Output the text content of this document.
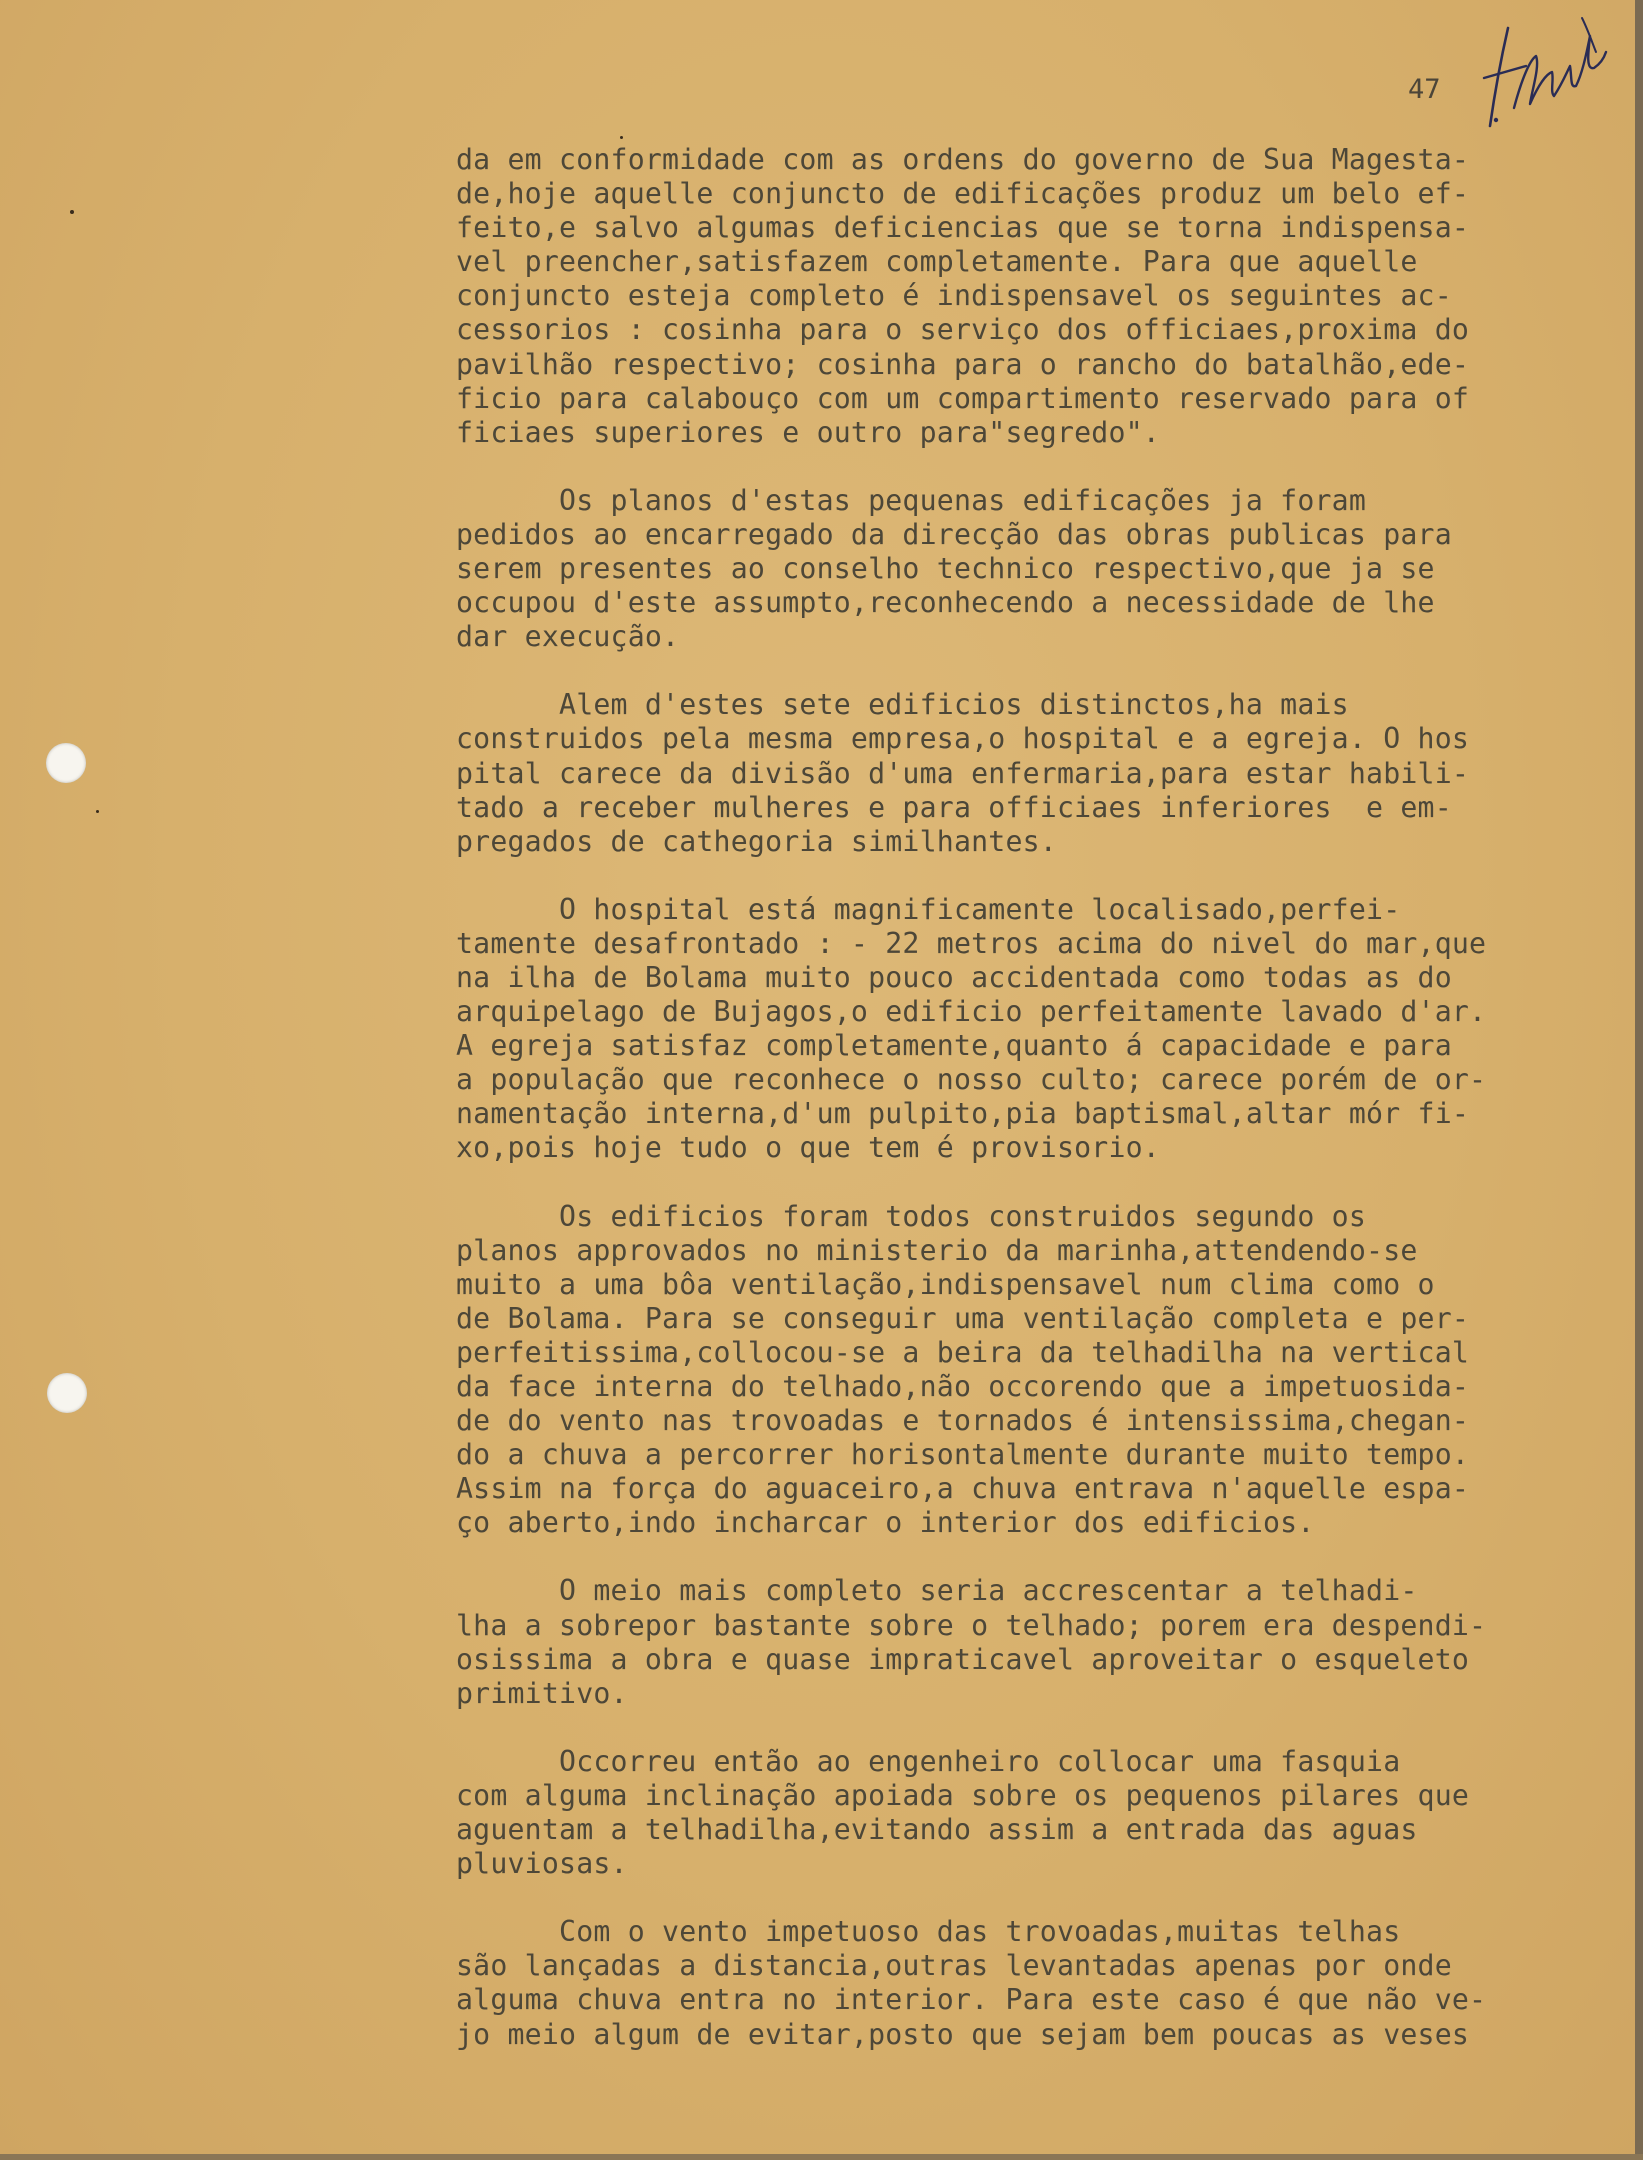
47

da em conformidade com as ordens do governo de Sua Magesta-
de,hoje aquelle conjuncto de edificações produz um belo ef-
feito,e salvo algumas deficiencias que se torna indispensa-
vel preencher,satisfazem completamente. Para que aquelle
conjuncto esteja completo é indispensavel os seguintes ac-
cessorios : cosinha para o serviço dos officiaes,proxima do
pavilhão respectivo; cosinha para o rancho do batalhão,ede-
ficio para calabouço com um compartimento reservado para of
ficiaes superiores e outro para"segredo".
Os planos d'estas pequenas edificações ja foram
pedidos ao encarregado da direcção das obras publicas para
serem presentes ao conselho technico respectivo,que ja se
occupou d'este assumpto,reconhecendo a necessidade de lhe
dar execução.
Alem d'estes sete edificios distinctos,ha mais
construidos pela mesma empresa,o hospital e a egreja. O hos
pital carece da divisão d'uma enfermaria,para estar habili-
tado a receber mulheres e para officiaes inferiores  e em-
pregados de cathegoria similhantes.
O hospital está magnificamente localisado,perfei-
tamente desafrontado : - 22 metros acima do nivel do mar,que
na ilha de Bolama muito pouco accidentada como todas as do
arquipelago de Bujagos,o edificio perfeitamente lavado d'ar.
A egreja satisfaz completamente,quanto á capacidade e para
a população que reconhece o nosso culto; carece porém de or-
namentação interna,d'um pulpito,pia baptismal,altar mór fi-
xo,pois hoje tudo o que tem é provisorio.
Os edificios foram todos construidos segundo os
planos approvados no ministerio da marinha,attendendo-se
muito a uma bôa ventilação,indispensavel num clima como o
de Bolama. Para se conseguir uma ventilação completa e per-
perfeitissima,collocou-se a beira da telhadilha na vertical
da face interna do telhado,não occorendo que a impetuosida-
de do vento nas trovoadas e tornados é intensissima,chegan-
do a chuva a percorrer horisontalmente durante muito tempo.
Assim na força do aguaceiro,a chuva entrava n'aquelle espa-
ço aberto,indo incharcar o interior dos edificios.
O meio mais completo seria accrescentar a telhadi-
lha a sobrepor bastante sobre o telhado; porem era despendi-
osissima a obra e quase impraticavel aproveitar o esqueleto
primitivo.
Occorreu então ao engenheiro collocar uma fasquia
com alguma inclinação apoiada sobre os pequenos pilares que
aguentam a telhadilha,evitando assim a entrada das aguas
pluviosas.
Com o vento impetuoso das trovoadas,muitas telhas
são lançadas a distancia,outras levantadas apenas por onde
alguma chuva entra no interior. Para este caso é que não ve-
jo meio algum de evitar,posto que sejam bem poucas as veses
